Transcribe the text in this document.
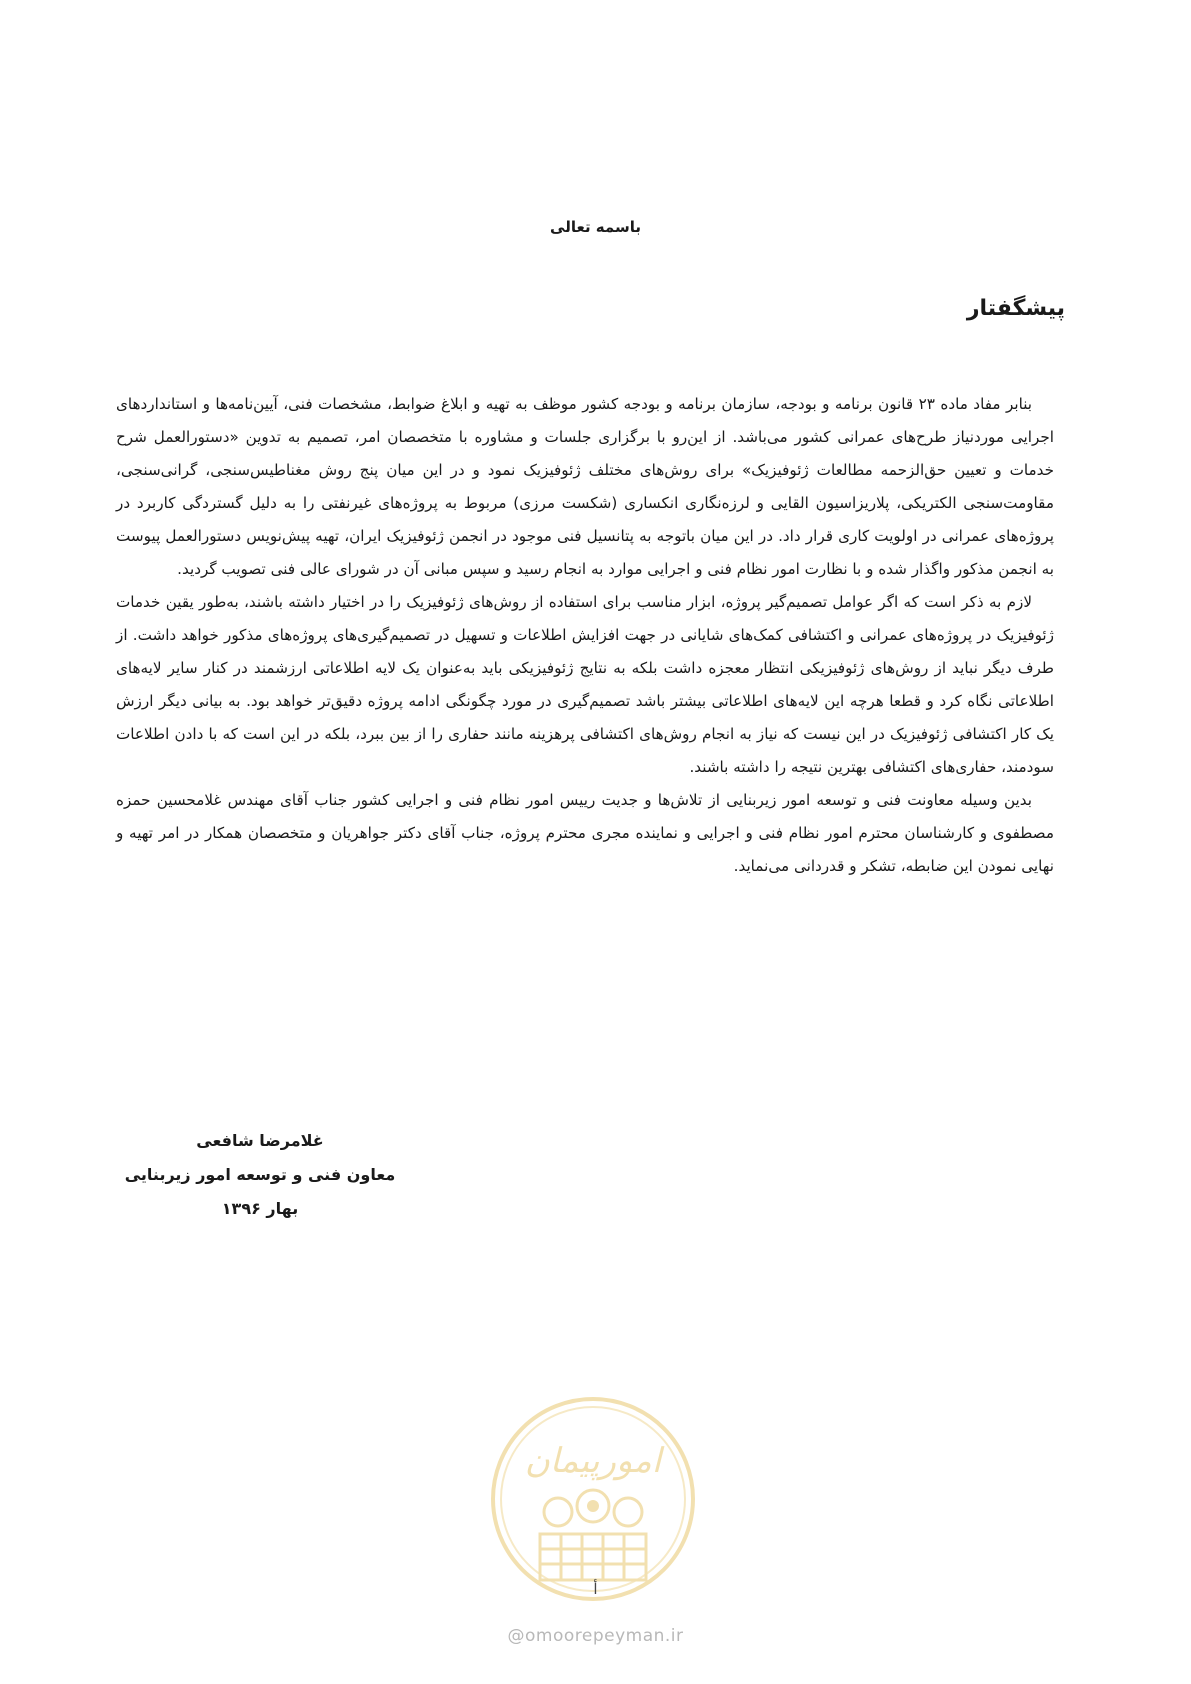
باسمه تعالی
پیشگفتار

بنابر مفاد ماده ۲۳ قانون برنامه و بودجه، سازمان برنامه و بودجه کشور موظف به تهیه و ابلاغ ضوابط، مشخصات فنی، آیین‌نامه‌ها و استانداردهای اجرایی موردنیاز طرح‌های عمرانی کشور می‌باشد. از این‌رو با برگزاری جلسات و مشاوره با متخصصان امر، تصمیم به تدوین «دستورالعمل شرح خدمات و تعیین حق‌الزحمه مطالعات ژئوفیزیک» برای روش‌های مختلف ژئوفیزیک نمود و در این میان پنج روش مغناطیس‌سنجی، گرانی‌سنجی، مقاومت‌سنجی الکتریکی، پلاریزاسیون القایی و لرزه‌نگاری انکساری (شکست مرزی) مربوط به پروژه‌های غیرنفتی را به دلیل گستردگی کاربرد در پروژه‌های عمرانی در اولویت کاری قرار داد. در این میان باتوجه به پتانسیل فنی موجود در انجمن ژئوفیزیک ایران، تهیه پیش‌نویس دستورالعمل پیوست به انجمن مذکور واگذار شده و با نظارت امور نظام فنی و اجرایی موارد به انجام رسید و سپس مبانی آن در شورای عالی فنی تصویب گردید.

لازم به ذکر است که اگر عوامل تصمیم‌گیر پروژه، ابزار مناسب برای استفاده از روش‌های ژئوفیزیک را در اختیار داشته باشند، به‌طور یقین خدمات ژئوفیزیک در پروژه‌های عمرانی و اکتشافی کمک‌های شایانی در جهت افزایش اطلاعات و تسهیل در تصمیم‌گیری‌های پروژه‌های مذکور خواهد داشت. از طرف دیگر نباید از روش‌های ژئوفیزیکی انتظار معجزه داشت بلکه به نتایج ژئوفیزیکی باید به‌عنوان یک لایه اطلاعاتی ارزشمند در کنار سایر لایه‌های اطلاعاتی نگاه کرد و قطعا هرچه این لایه‌های اطلاعاتی بیشتر باشد تصمیم‌گیری در مورد چگونگی ادامه پروژه دقیق‌تر خواهد بود. به بیانی دیگر ارزش یک کار اکتشافی ژئوفیزیک در این نیست که نیاز به انجام روش‌های اکتشافی پرهزینه مانند حفاری را از بین ببرد، بلکه در این است که با دادن اطلاعات سودمند، حفاری‌های اکتشافی بهترین نتیجه را داشته باشند.

بدین وسیله معاونت فنی و توسعه امور زیربنایی از تلاش‌ها و جدیت رییس امور نظام فنی و اجرایی کشور جناب آقای مهندس غلامحسین حمزه مصطفوی و کارشناسان محترم امور نظام فنی و اجرایی و نماینده مجری محترم پروژه، جناب آقای دکتر جواهریان و متخصصان همکار در امر تهیه و نهایی نمودن این ضابطه، تشکر و قدردانی می‌نماید.

غلامرضا شافعی
معاون فنی و توسعه امور زیربنایی
بهار ۱۳۹۶
امورپیمان
أ
@omoorepeyman.ir
